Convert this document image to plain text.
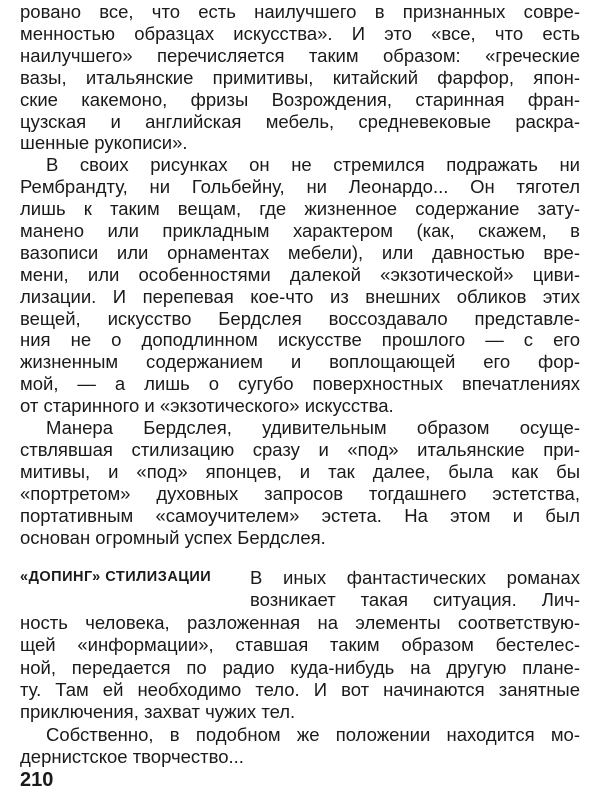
«ДОПИНГ» СТИЛИЗАЦИИ
210
ровано все, что есть наилучшего в признанных совре-
менностью образцах искусства». И это «все, что есть
наилучшего» перечисляется таким образом: «греческие
вазы, итальянские примитивы, китайский фарфор, япон-
ские какемоно, фризы Возрождения, старинная фран-
цузская и английская мебель, средневековые раскра-
шенные рукописи».
В своих рисунках он не стремился подражать ни
Рембрандту, ни Гольбейну, ни Леонардо... Он тяготел
лишь к таким вещам, где жизненное содержание зату-
манено или прикладным характером (как, скажем, в
вазописи или орнаментах мебели), или давностью вре-
мени, или особенностями далекой «экзотической» циви-
лизации. И перепевая кое-что из внешних обликов этих
вещей, искусство Бердслея воссоздавало представле-
ния не о доподлинном искусстве прошлого — с его
жизненным содержанием и воплощающей его фор-
мой, — а лишь о сугубо поверхностных впечатлениях
от старинного и «экзотического» искусства.
Манера Бердслея, удивительным образом осуще-
ствлявшая стилизацию сразу и «под» итальянские при-
митивы, и «под» японцев, и так далее, была как бы
«портретом» духовных запросов тогдашнего эстетства,
портативным «самоучителем» эстета. На этом и был
основан огромный успех Бердслея.
В иных фантастических романах
возникает такая ситуация. Лич-
ность человека, разложенная на элементы соответствую-
щей «информации», ставшая таким образом бестелес-
ной, передается по радио куда-нибудь на другую плане-
ту. Там ей необходимо тело. И вот начинаются занятные
приключения, захват чужих тел.
Собственно, в подобном же положении находится мо-
дернистское творчество...
